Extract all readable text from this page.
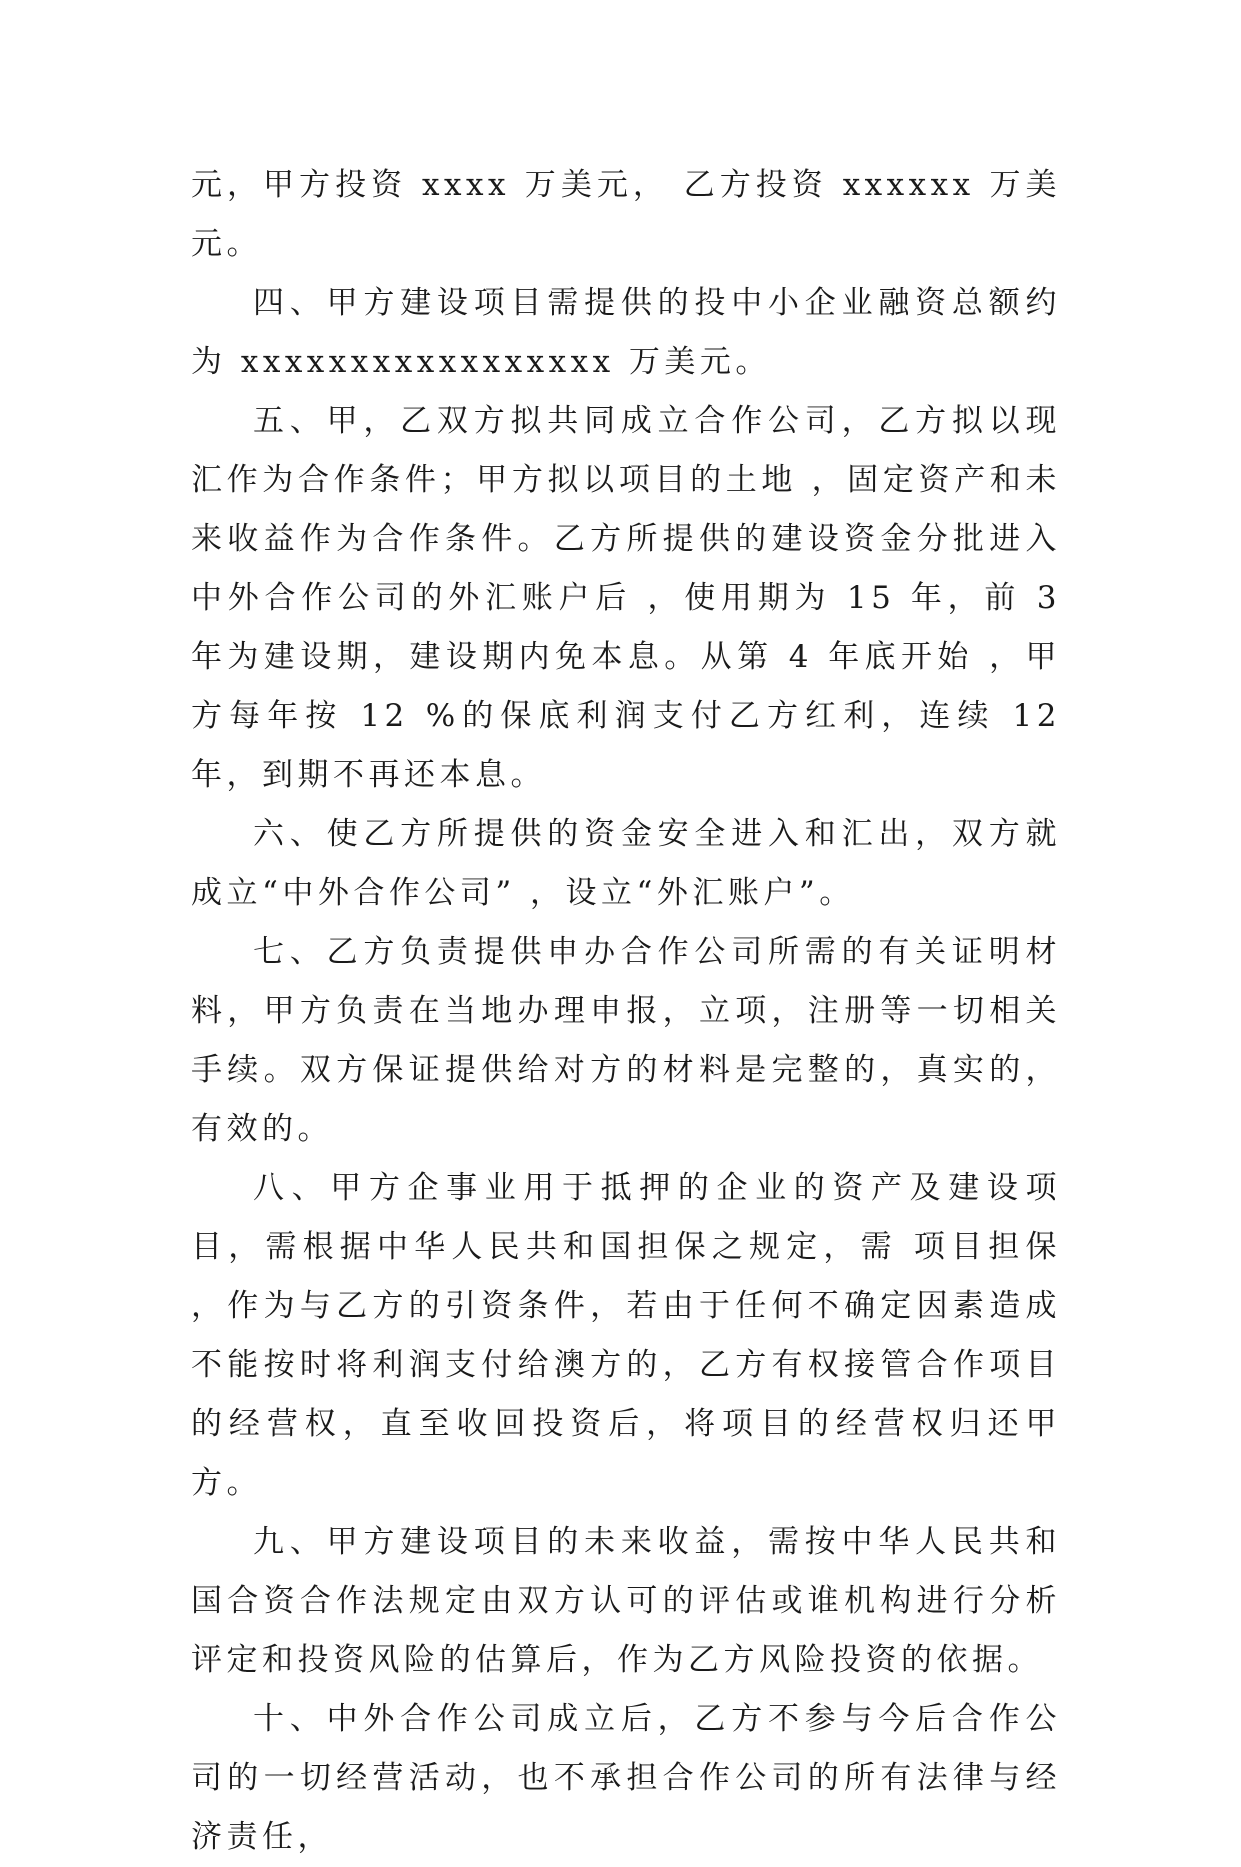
元，甲方投资 xxxx 万美元， 乙方投资 xxxxxx 万美元。

四、甲方建设项目需提供的投中小企业融资总额约为 xxxxxxxxxxxxxxxxx 万美元。

五、甲，乙双方拟共同成立合作公司，乙方拟以现汇作为合作条件；甲方拟以项目的土地 ，固定资产和未来收益作为合作条件。乙方所提供的建设资金分批进入中外合作公司的外汇账户后 ，使用期为 15 年，前 3 年为建设期，建设期内免本息。从第 4 年底开始 ，甲方每年按 12 %的保底利润支付乙方红利，连续 12 年，到期不再还本息。

六、使乙方所提供的资金安全进入和汇出，双方就成立“中外合作公司” ，设立“外汇账户”。

七、乙方负责提供申办合作公司所需的有关证明材料，甲方负责在当地办理申报，立项，注册等一切相关手续。双方保证提供给对方的材料是完整的，真实的，有效的。

八、甲方企事业用于抵押的企业的资产及建设项目，需根据中华人民共和国担保之规定，需 项目担保 ，作为与乙方的引资条件，若由于任何不确定因素造成不能按时将利润支付给澳方的，乙方有权接管合作项目的经营权，直至收回投资后，将项目的经营权归还甲方。

九、甲方建设项目的未来收益，需按中华人民共和国合资合作法规定由双方认可的评估或谁机构进行分析评定和投资风险的估算后，作为乙方风险投资的依据。

十、中外合作公司成立后，乙方不参与今后合作公司的一切经营活动，也不承担合作公司的所有法律与经济责任，
